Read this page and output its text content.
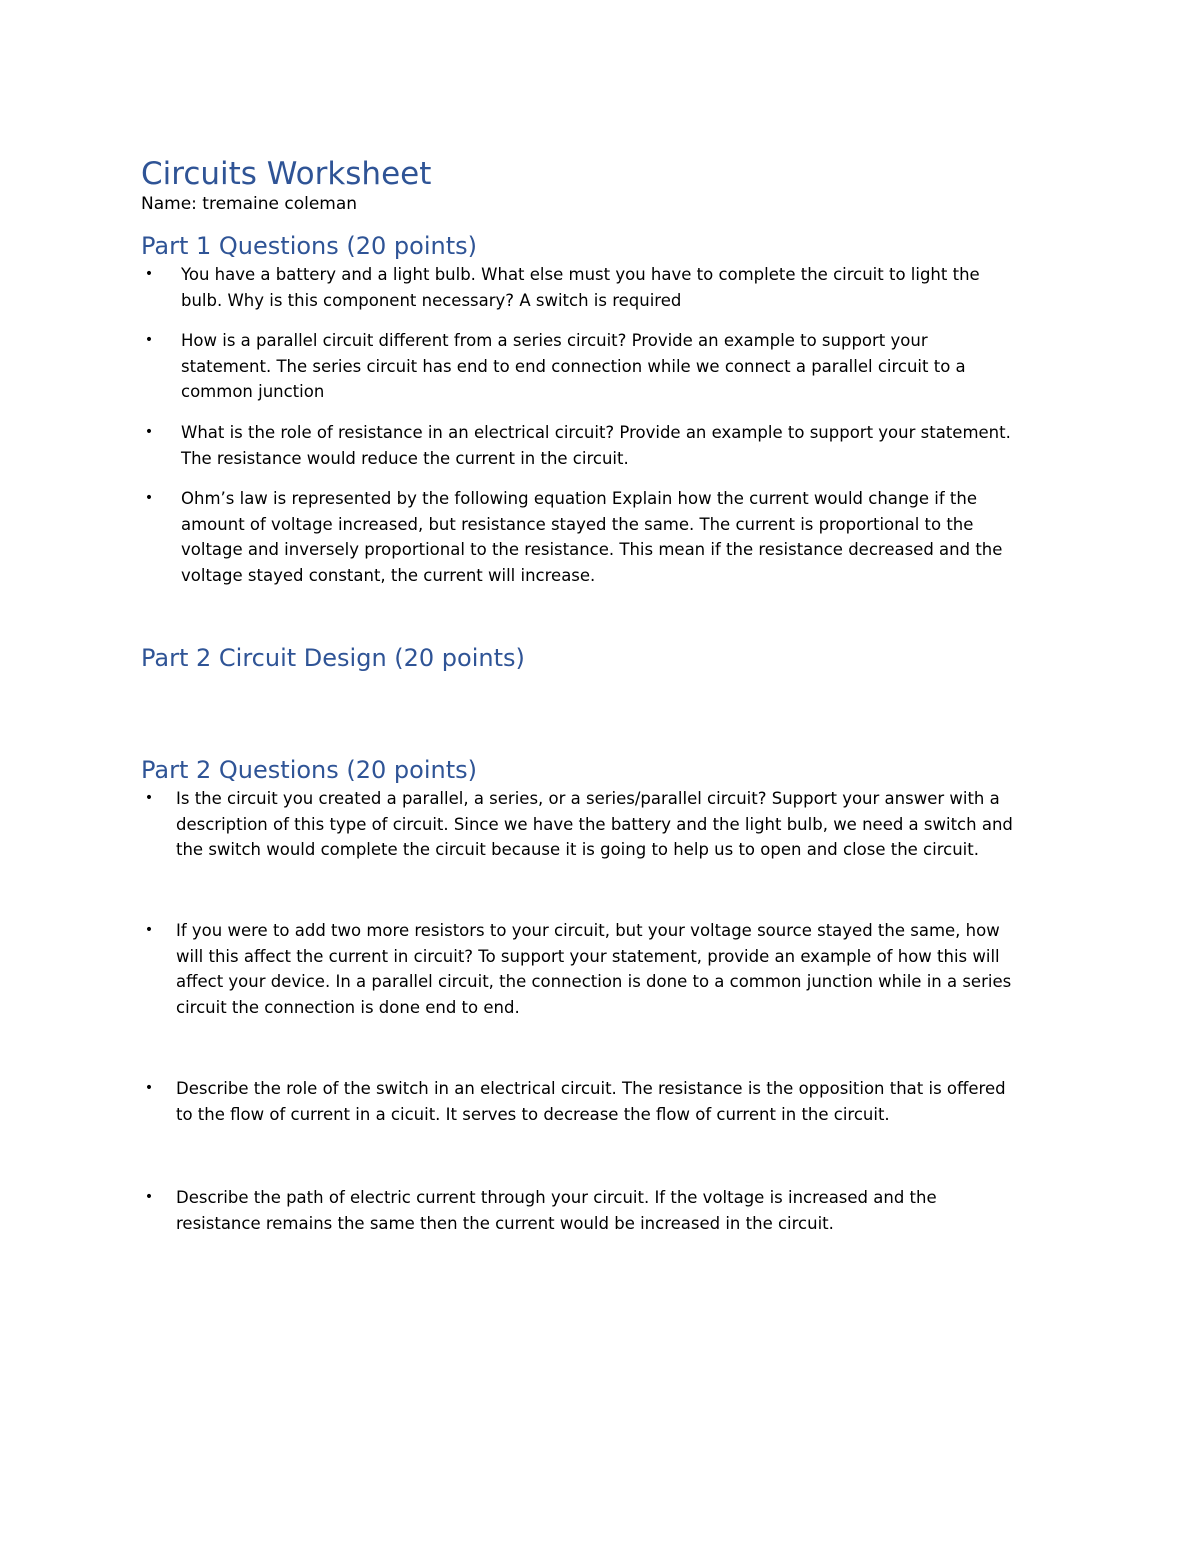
Circuits Worksheet

Name: tremaine coleman

Part 1 Questions (20 points)
• You have a battery and a light bulb. What else must you have to complete the circuit to light the
bulb. Why is this component necessary? A switch is required

• How is a parallel circuit different from a series circuit? Provide an example to support your
statement. The series circuit has end to end connection while we connect a parallel circuit to a
common junction

• What is the role of resistance in an electrical circuit? Provide an example to support your statement.
The resistance would reduce the current in the circuit.

• Ohm’s law is represented by the following equation Explain how the current would change if the
amount of voltage increased, but resistance stayed the same. The current is proportional to the
voltage and inversely proportional to the resistance. This mean if the resistance decreased and the
voltage stayed constant, the current will increase.

Part 2 Circuit Design (20 points)
Part 2 Questions (20 points)
• Is the circuit you created a parallel, a series, or a series/parallel circuit? Support your answer with a
description of this type of circuit. Since we have the battery and the light bulb, we need a switch and
the switch would complete the circuit because it is going to help us to open and close the circuit.

• If you were to add two more resistors to your circuit, but your voltage source stayed the same, how
will this affect the current in circuit? To support your statement, provide an example of how this will
affect your device. In a parallel circuit, the connection is done to a common junction while in a series
circuit the connection is done end to end.

• Describe the role of the switch in an electrical circuit. The resistance is the opposition that is offered
to the flow of current in a cicuit. It serves to decrease the flow of current in the circuit.

• Describe the path of electric current through your circuit. If the voltage is increased and the
resistance remains the same then the current would be increased in the circuit.
